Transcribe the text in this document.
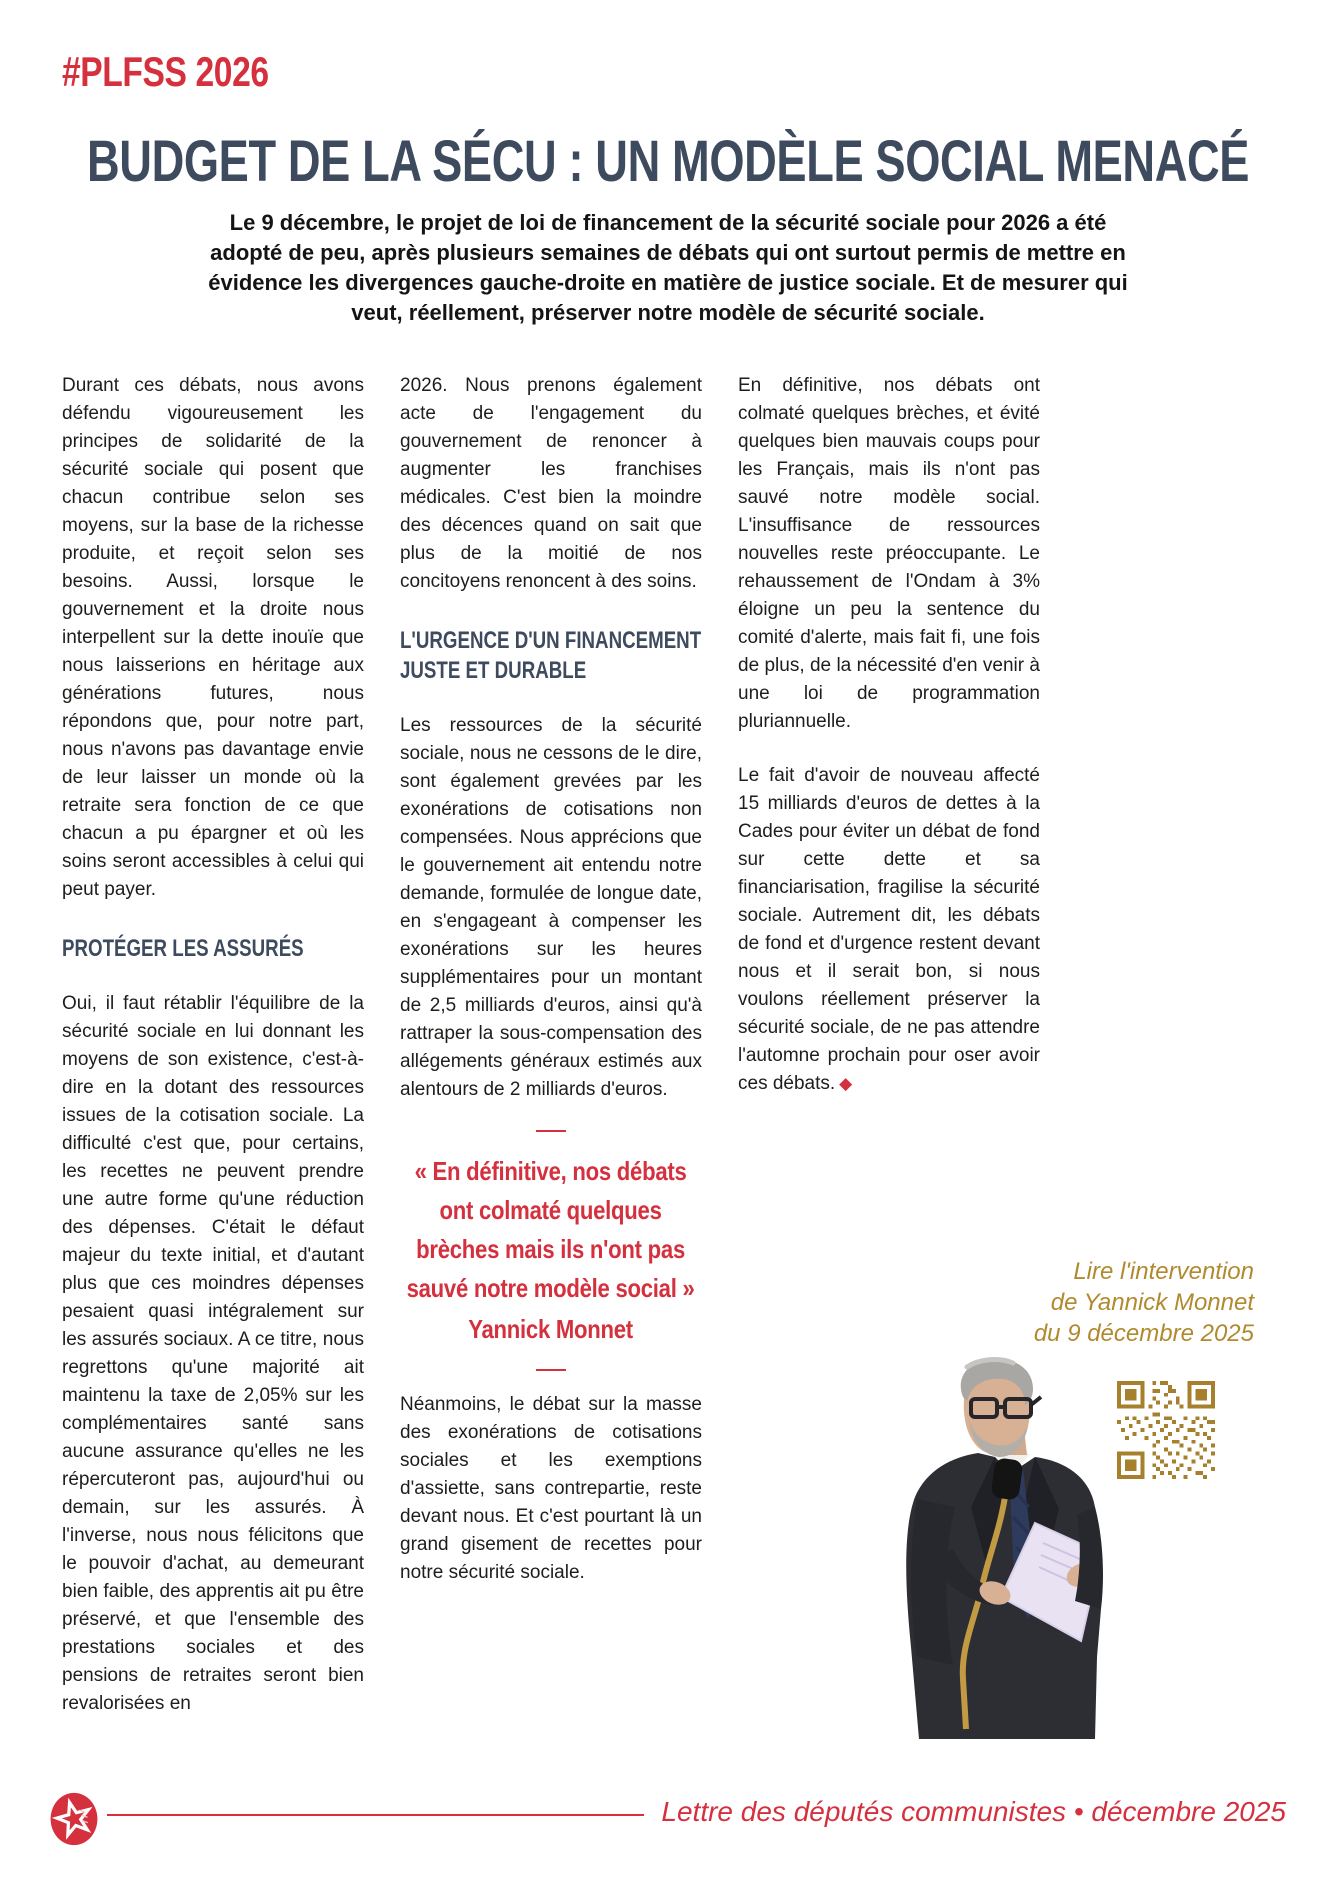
#PLFSS 2026
BUDGET DE LA SÉCU : UN MODÈLE SOCIAL MENACÉ

Le 9 décembre, le projet de loi de financement de la sécurité sociale pour 2026 a été adopté de peu, après plusieurs semaines de débats qui ont surtout permis de mettre en évidence les divergences gauche-droite en matière de justice sociale. Et de mesurer qui veut, réellement, préserver notre modèle de sécurité sociale.

Durant ces débats, nous avons défendu vigoureusement les principes de solidarité de la sécurité sociale qui posent que chacun contribue selon ses moyens, sur la base de la richesse produite, et reçoit selon ses besoins. Aussi, lorsque le gouvernement et la droite nous interpellent sur la dette inouïe que nous laisserions en héritage aux générations futures, nous répondons que, pour notre part, nous n'avons pas davantage envie de leur laisser un monde où la retraite sera fonction de ce que chacun a pu épargner et où les soins seront accessibles à celui qui peut payer.

PROTÉGER LES ASSURÉS

Oui, il faut rétablir l'équilibre de la sécurité sociale en lui donnant les moyens de son existence, c'est-à-dire en la dotant des ressources issues de la cotisation sociale. La difficulté c'est que, pour certains, les recettes ne peuvent prendre une autre forme qu'une réduction des dépenses. C'était le défaut majeur du texte initial, et d'autant plus que ces moindres dépenses pesaient quasi intégralement sur les assurés sociaux. A ce titre, nous regrettons qu'une majorité ait maintenu la taxe de 2,05% sur les complémentaires santé sans aucune assurance qu'elles ne les répercuteront pas, aujourd'hui ou demain, sur les assurés. À l'inverse, nous nous félicitons que le pouvoir d'achat, au demeurant bien faible, des apprentis ait pu être préservé, et que l'ensemble des prestations sociales et des pensions de retraites seront bien revalorisées en

2026. Nous prenons également acte de l'engagement du gouvernement de renoncer à augmenter les franchises médicales. C'est bien la moindre des décences quand on sait que plus de la moitié de nos concitoyens renoncent à des soins.

L'URGENCE D'UN FINANCEMENT
JUSTE ET DURABLE

Les ressources de la sécurité sociale, nous ne cessons de le dire, sont également grevées par les exonérations de cotisations non compensées. Nous apprécions que le gouvernement ait entendu notre demande, formulée de longue date, en s'engageant à compenser les exonérations sur les heures supplémentaires pour un montant de 2,5 milliards d'euros, ainsi qu'à rattraper la sous-compensation des allégements généraux estimés aux alentours de 2 milliards d'euros.

« En définitive, nos débats ont colmaté quelques brèches mais ils n'ont pas sauvé notre modèle social »
Yannick Monnet

Néanmoins, le débat sur la masse des exonérations de cotisations sociales et les exemptions d'assiette, sans contrepartie, reste devant nous. Et c'est pourtant là un grand gisement de recettes pour notre sécurité sociale.

En définitive, nos débats ont colmaté quelques brèches, et évité quelques bien mauvais coups pour les Français, mais ils n'ont pas sauvé notre modèle social. L'insuffisance de ressources nouvelles reste préoccupante. Le rehaussement de l'Ondam à 3% éloigne un peu la sentence du comité d'alerte, mais fait fi, une fois de plus, de la nécessité d'en venir à une loi de programmation pluriannuelle.

Le fait d'avoir de nouveau affecté 15 milliards d'euros de dettes à la Cades pour éviter un débat de fond sur cette dette et sa financiarisation, fragilise la sécurité sociale. Autrement dit, les débats de fond et d'urgence restent devant nous et il serait bon, si nous voulons réellement préserver la sécurité sociale, de ne pas attendre l'automne prochain pour oser avoir ces débats. ◆

Lire l'intervention
de Yannick Monnet
du 9 décembre 2025
Lettre des députés communistes • décembre 2025
